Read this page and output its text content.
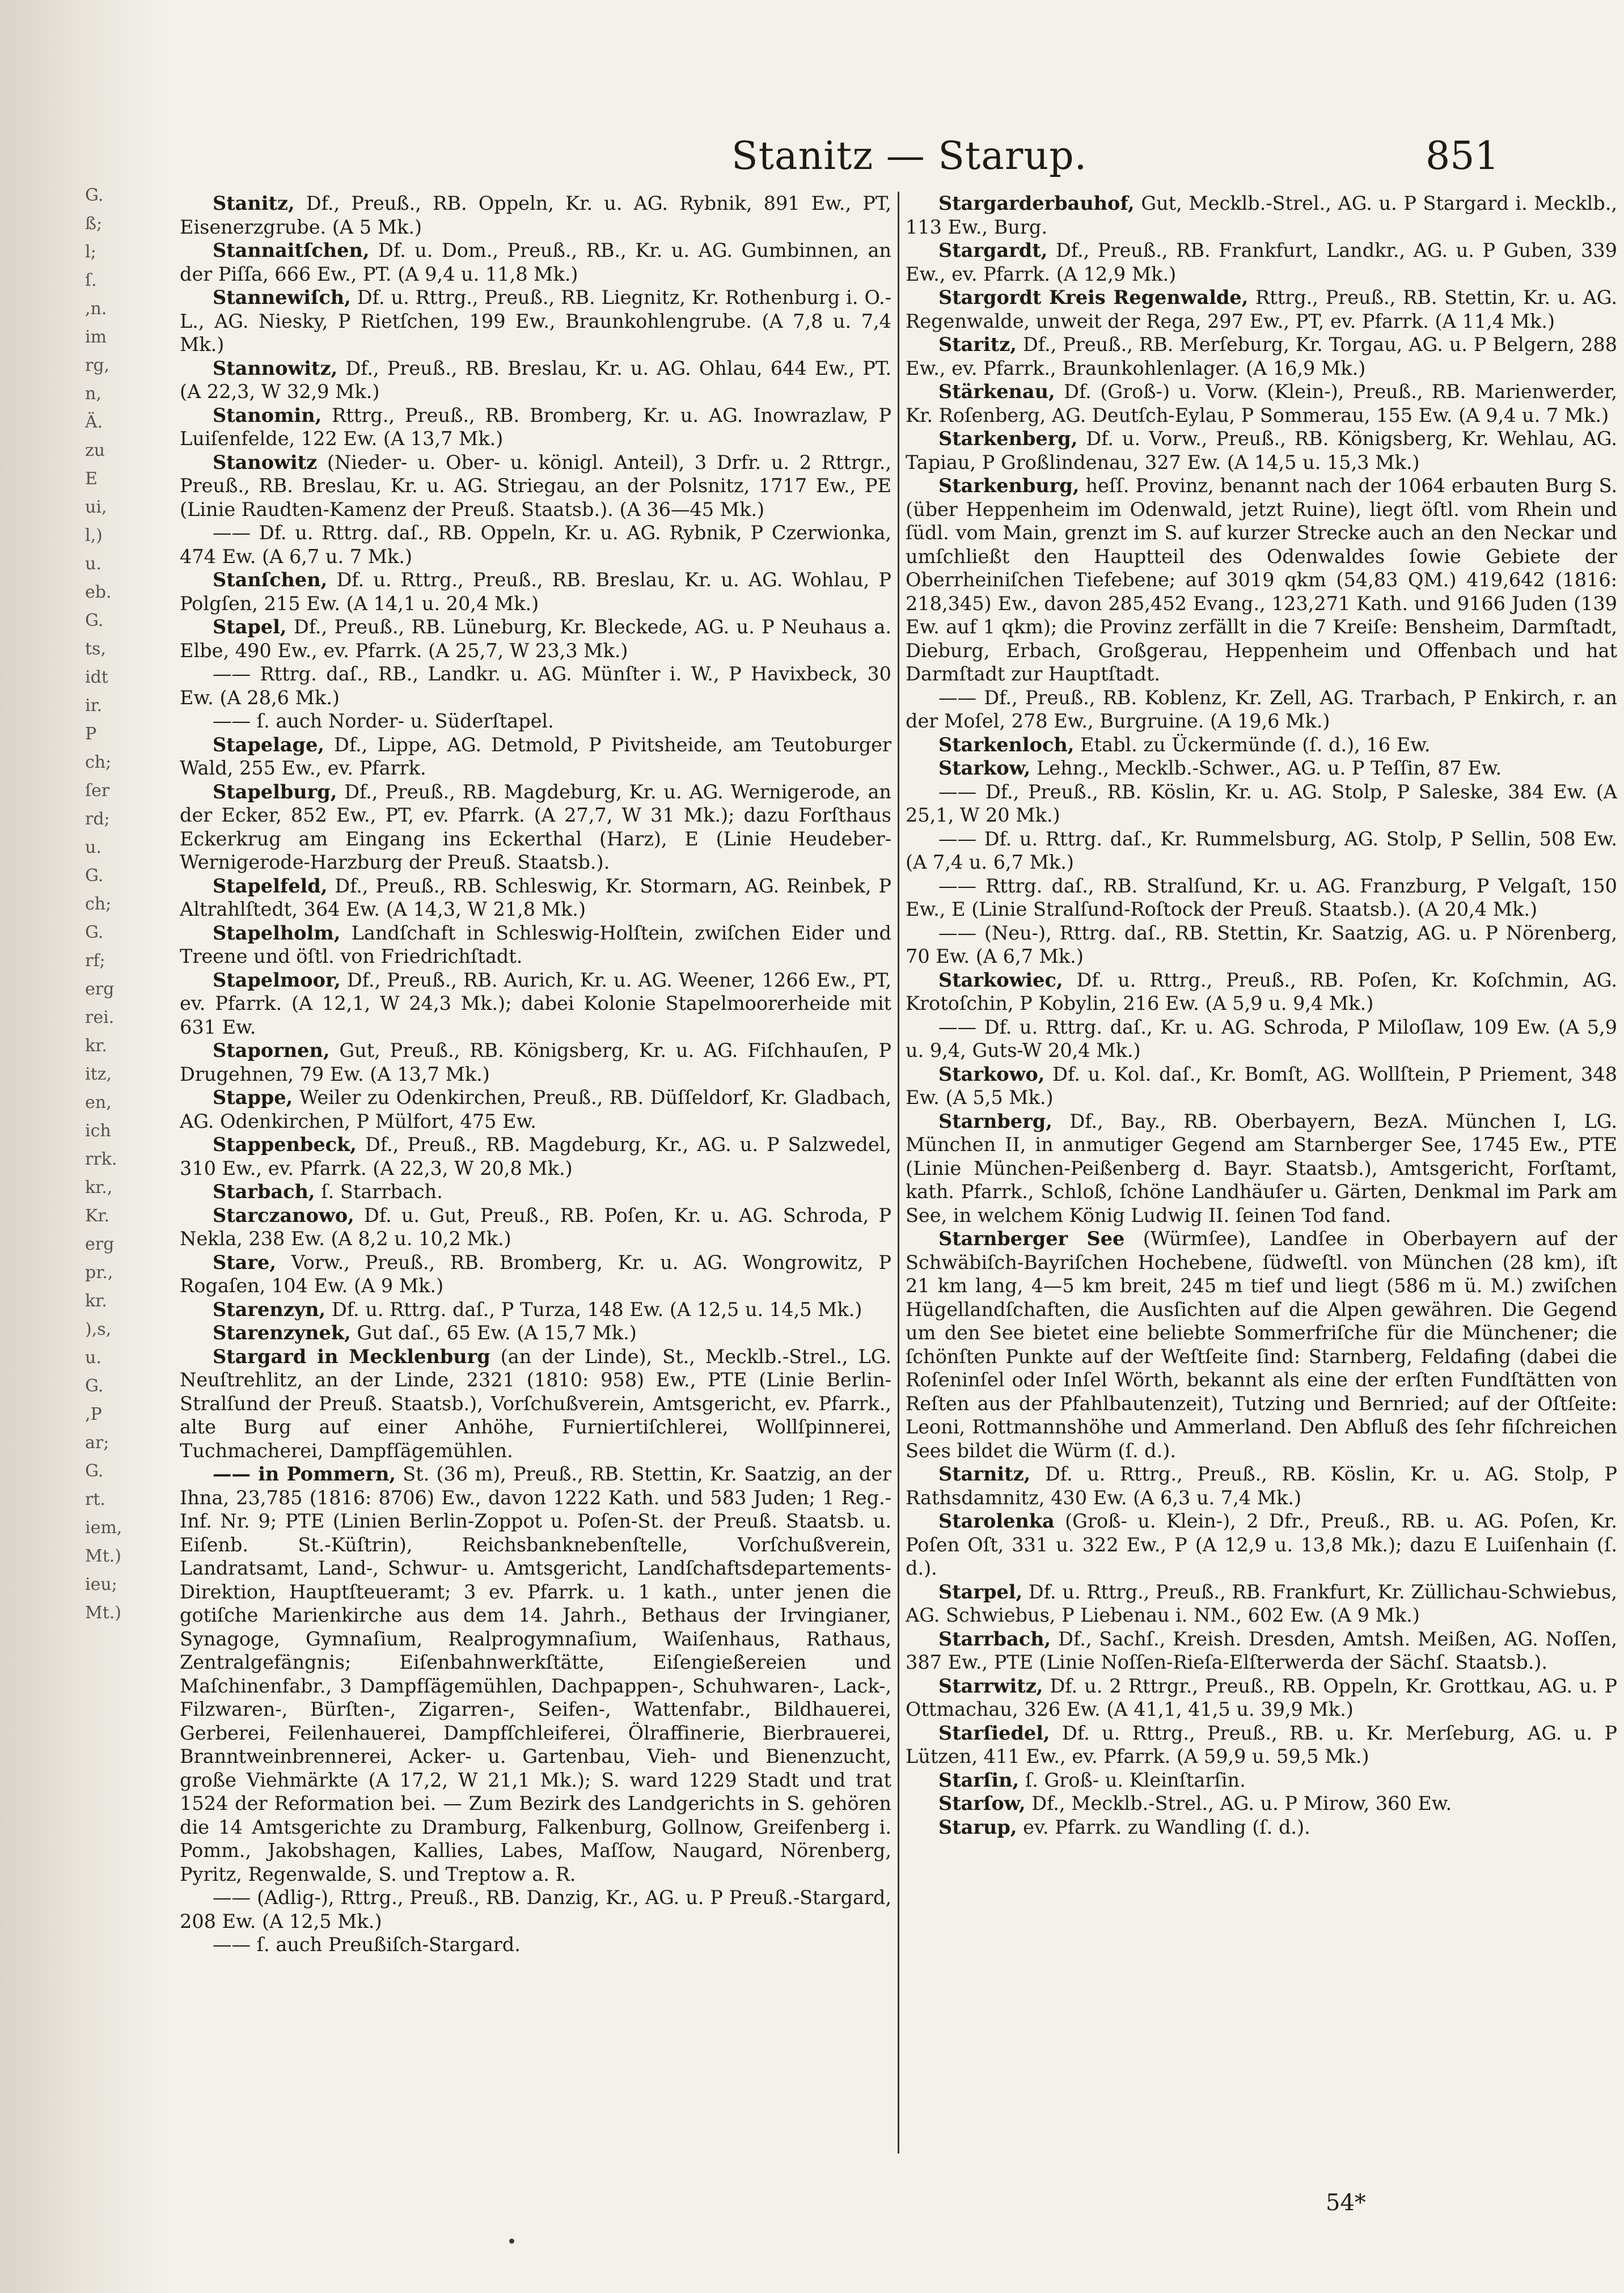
G.
ß;
l;
ſ.
,n.
im
rg,
n,
Ä.
zu
E
ui,
l,)
u.
eb.
G.
ts,
idt
ir.
P
ch;
ſer
rd;
u.
G.
ch;
G.
rf;
erg
rei.
kr.
itz,
en,
ich
rrk.
kr.,
Kr.
erg
pr.,
kr.
),s,
u.
G.
,P
ar;
G.
rt.
iem,
Mt.)
ieu;
Mt.)
Stanitz — Starup.	851

Stanitz, Df., Preuß., RB. Oppeln, Kr. u. AG. Rybnik, 891 Ew., PT, Eisenerzgrube. (A 5 Mk.)

Stannaitſchen, Df. u. Dom., Preuß., RB., Kr. u. AG. Gumbinnen, an der Piſſa, 666 Ew., PT. (A 9,4 u. 11,8 Mk.)

Stannewiſch, Df. u. Rttrg., Preuß., RB. Liegnitz, Kr. Rothenburg i. O.-L., AG. Niesky, P Rietſchen, 199 Ew., Braunkohlengrube. (A 7,8 u. 7,4 Mk.)

Stannowitz, Df., Preuß., RB. Breslau, Kr. u. AG. Ohlau, 644 Ew., PT. (A 22,3, W 32,9 Mk.)

Stanomin, Rttrg., Preuß., RB. Bromberg, Kr. u. AG. Inowrazlaw, P Luiſenfelde, 122 Ew. (A 13,7 Mk.)

Stanowitz (Nieder- u. Ober- u. königl. Anteil), 3 Drfr. u. 2 Rttrgr., Preuß., RB. Breslau, Kr. u. AG. Striegau, an der Polsnitz, 1717 Ew., PE (Linie Raudten-Kamenz der Preuß. Staatsb.). (A 36—45 Mk.)

—— Df. u. Rttrg. daſ., RB. Oppeln, Kr. u. AG. Rybnik, P Czerwionka, 474 Ew. (A 6,7 u. 7 Mk.)

Stanſchen, Df. u. Rttrg., Preuß., RB. Breslau, Kr. u. AG. Wohlau, P Polgſen, 215 Ew. (A 14,1 u. 20,4 Mk.)

Stapel, Df., Preuß., RB. Lüneburg, Kr. Bleckede, AG. u. P Neuhaus a. Elbe, 490 Ew., ev. Pfarrk. (A 25,7, W 23,3 Mk.)

—— Rttrg. daſ., RB., Landkr. u. AG. Münſter i. W., P Havixbeck, 30 Ew. (A 28,6 Mk.)

—— ſ. auch Norder- u. Süderſtapel.

Stapelage, Df., Lippe, AG. Detmold, P Pivitsheide, am Teutoburger Wald, 255 Ew., ev. Pfarrk.

Stapelburg, Df., Preuß., RB. Magdeburg, Kr. u. AG. Wernigerode, an der Ecker, 852 Ew., PT, ev. Pfarrk. (A 27,7, W 31 Mk.); dazu Forſthaus Eckerkrug am Eingang ins Eckerthal (Harz), E (Linie Heudeber-Wernigerode-Harzburg der Preuß. Staatsb.).

Stapelfeld, Df., Preuß., RB. Schleswig, Kr. Stormarn, AG. Reinbek, P Altrahlſtedt, 364 Ew. (A 14,3, W 21,8 Mk.)

Stapelholm, Landſchaft in Schleswig-Holſtein, zwiſchen Eider und Treene und öſtl. von Friedrichſtadt.

Stapelmoor, Df., Preuß., RB. Aurich, Kr. u. AG. Weener, 1266 Ew., PT, ev. Pfarrk. (A 12,1, W 24,3 Mk.); dabei Kolonie Stapelmoorerheide mit 631 Ew.

Stapornen, Gut, Preuß., RB. Königsberg, Kr. u. AG. Fiſchhauſen, P Drugehnen, 79 Ew. (A 13,7 Mk.)

Stappe, Weiler zu Odenkirchen, Preuß., RB. Düſſeldorf, Kr. Gladbach, AG. Odenkirchen, P Mülfort, 475 Ew.

Stappenbeck, Df., Preuß., RB. Magdeburg, Kr., AG. u. P Salzwedel, 310 Ew., ev. Pfarrk. (A 22,3, W 20,8 Mk.)

Starbach, ſ. Starrbach.

Starczanowo, Df. u. Gut, Preuß., RB. Poſen, Kr. u. AG. Schroda, P Nekla, 238 Ew. (A 8,2 u. 10,2 Mk.)

Stare, Vorw., Preuß., RB. Bromberg, Kr. u. AG. Wongrowitz, P Rogaſen, 104 Ew. (A 9 Mk.)

Starenzyn, Df. u. Rttrg. daſ., P Turza, 148 Ew. (A 12,5 u. 14,5 Mk.)

Starenzynek, Gut daſ., 65 Ew. (A 15,7 Mk.)

Stargard in Mecklenburg (an der Linde), St., Mecklb.-Strel., LG. Neuſtrehlitz, an der Linde, 2321 (1810: 958) Ew., PTE (Linie Berlin-Stralſund der Preuß. Staatsb.), Vorſchußverein, Amtsgericht, ev. Pfarrk., alte Burg auf einer Anhöhe, Furniertiſchlerei, Wollſpinnerei, Tuchmacherei, Dampfſägemühlen.

—— in Pommern, St. (36 m), Preuß., RB. Stettin, Kr. Saatzig, an der Ihna, 23,785 (1816: 8706) Ew., davon 1222 Kath. und 583 Juden; 1 Reg.-Inf. Nr. 9; PTE (Linien Berlin-Zoppot u. Poſen-St. der Preuß. Staatsb. u. Eiſenb. St.-Küſtrin), Reichsbanknebenſtelle, Vorſchußverein, Landratsamt, Land-, Schwur- u. Amtsgericht, Landſchaftsdepartements-Direktion, Hauptſteueramt; 3 ev. Pfarrk. u. 1 kath., unter jenen die gotiſche Marienkirche aus dem 14. Jahrh., Bethaus der Irvingianer, Synagoge, Gymnaſium, Realprogymnaſium, Waiſenhaus, Rathaus, Zentralgefängnis; Eiſenbahnwerkſtätte, Eiſengießereien und Maſchinenfabr., 3 Dampfſägemühlen, Dachpappen-, Schuhwaren-, Lack-, Filzwaren-, Bürſten-, Zigarren-, Seifen-, Wattenfabr., Bildhauerei, Gerberei, Feilenhauerei, Dampfſchleiferei, Ölraffinerie, Bierbrauerei, Branntweinbrennerei, Acker- u. Gartenbau, Vieh- und Bienenzucht, große Viehmärkte (A 17,2, W 21,1 Mk.); S. ward 1229 Stadt und trat 1524 der Reformation bei. — Zum Bezirk des Landgerichts in S. gehören die 14 Amtsgerichte zu Dramburg, Falkenburg, Gollnow, Greifenberg i. Pomm., Jakobshagen, Kallies, Labes, Maſſow, Naugard, Nörenberg, Pyritz, Regenwalde, S. und Treptow a. R.

—— (Adlig-), Rttrg., Preuß., RB. Danzig, Kr., AG. u. P Preuß.-Stargard, 208 Ew. (A 12,5 Mk.)

—— ſ. auch Preußiſch-Stargard.

Stargarderbauhof, Gut, Mecklb.-Strel., AG. u. P Stargard i. Mecklb., 113 Ew., Burg.

Stargardt, Df., Preuß., RB. Frankfurt, Landkr., AG. u. P Guben, 339 Ew., ev. Pfarrk. (A 12,9 Mk.)

Stargordt Kreis Regenwalde, Rttrg., Preuß., RB. Stettin, Kr. u. AG. Regenwalde, unweit der Rega, 297 Ew., PT, ev. Pfarrk. (A 11,4 Mk.)

Staritz, Df., Preuß., RB. Merſeburg, Kr. Torgau, AG. u. P Belgern, 288 Ew., ev. Pfarrk., Braunkohlenlager. (A 16,9 Mk.)

Stärkenau, Df. (Groß-) u. Vorw. (Klein-), Preuß., RB. Marienwerder, Kr. Roſenberg, AG. Deutſch-Eylau, P Sommerau, 155 Ew. (A 9,4 u. 7 Mk.)

Starkenberg, Df. u. Vorw., Preuß., RB. Königsberg, Kr. Wehlau, AG. Tapiau, P Großlindenau, 327 Ew. (A 14,5 u. 15,3 Mk.)

Starkenburg, heſſ. Provinz, benannt nach der 1064 erbauten Burg S. (über Heppenheim im Odenwald, jetzt Ruine), liegt öſtl. vom Rhein und ſüdl. vom Main, grenzt im S. auf kurzer Strecke auch an den Neckar und umſchließt den Hauptteil des Odenwaldes ſowie Gebiete der Oberrheiniſchen Tiefebene; auf 3019 qkm (54,83 QM.) 419,642 (1816: 218,345) Ew., davon 285,452 Evang., 123,271 Kath. und 9166 Juden (139 Ew. auf 1 qkm); die Provinz zerfällt in die 7 Kreiſe: Bensheim, Darmſtadt, Dieburg, Erbach, Großgerau, Heppenheim und Offenbach und hat Darmſtadt zur Hauptſtadt.

—— Df., Preuß., RB. Koblenz, Kr. Zell, AG. Trarbach, P Enkirch, r. an der Moſel, 278 Ew., Burgruine. (A 19,6 Mk.)

Starkenloch, Etabl. zu Ückermünde (ſ. d.), 16 Ew.

Starkow, Lehng., Mecklb.-Schwer., AG. u. P Teſſin, 87 Ew.

—— Df., Preuß., RB. Köslin, Kr. u. AG. Stolp, P Saleske, 384 Ew. (A 25,1, W 20 Mk.)

—— Df. u. Rttrg. daſ., Kr. Rummelsburg, AG. Stolp, P Sellin, 508 Ew. (A 7,4 u. 6,7 Mk.)

—— Rttrg. daſ., RB. Stralſund, Kr. u. AG. Franzburg, P Velgaſt, 150 Ew., E (Linie Stralſund-Roſtock der Preuß. Staatsb.). (A 20,4 Mk.)

—— (Neu-), Rttrg. daſ., RB. Stettin, Kr. Saatzig, AG. u. P Nörenberg, 70 Ew. (A 6,7 Mk.)

Starkowiec, Df. u. Rttrg., Preuß., RB. Poſen, Kr. Koſchmin, AG. Krotoſchin, P Kobylin, 216 Ew. (A 5,9 u. 9,4 Mk.)

—— Df. u. Rttrg. daſ., Kr. u. AG. Schroda, P Miloſlaw, 109 Ew. (A 5,9 u. 9,4, Guts-W 20,4 Mk.)

Starkowo, Df. u. Kol. daſ., Kr. Bomſt, AG. Wollſtein, P Priement, 348 Ew. (A 5,5 Mk.)

Starnberg, Df., Bay., RB. Oberbayern, BezA. München I, LG. München II, in anmutiger Gegend am Starnberger See, 1745 Ew., PTE (Linie München-Peißenberg d. Bayr. Staatsb.), Amtsgericht, Forſtamt, kath. Pfarrk., Schloß, ſchöne Landhäuſer u. Gärten, Denkmal im Park am See, in welchem König Ludwig II. ſeinen Tod fand.

Starnberger See (Würmſee), Landſee in Oberbayern auf der Schwäbiſch-Bayriſchen Hochebene, ſüdweſtl. von München (28 km), iſt 21 km lang, 4—5 km breit, 245 m tief und liegt (586 m ü. M.) zwiſchen Hügellandſchaften, die Ausſichten auf die Alpen gewähren. Die Gegend um den See bietet eine beliebte Sommerfriſche für die Münchener; die ſchönſten Punkte auf der Weſtſeite ſind: Starnberg, Feldafing (dabei die Roſeninſel oder Inſel Wörth, bekannt als eine der erſten Fundſtätten von Reſten aus der Pfahlbautenzeit), Tutzing und Bernried; auf der Oſtſeite: Leoni, Rottmannshöhe und Ammerland. Den Abfluß des ſehr fiſchreichen Sees bildet die Würm (ſ. d.).

Starnitz, Df. u. Rttrg., Preuß., RB. Köslin, Kr. u. AG. Stolp, P Rathsdamnitz, 430 Ew. (A 6,3 u. 7,4 Mk.)

Starolenka (Groß- u. Klein-), 2 Dfr., Preuß., RB. u. AG. Poſen, Kr. Poſen Oſt, 331 u. 322 Ew., P (A 12,9 u. 13,8 Mk.); dazu E Luiſenhain (ſ. d.).

Starpel, Df. u. Rttrg., Preuß., RB. Frankfurt, Kr. Züllichau-Schwiebus, AG. Schwiebus, P Liebenau i. NM., 602 Ew. (A 9 Mk.)

Starrbach, Df., Sachſ., Kreish. Dresden, Amtsh. Meißen, AG. Noſſen, 387 Ew., PTE (Linie Noſſen-Rieſa-Elſterwerda der Sächſ. Staatsb.).

Starrwitz, Df. u. 2 Rttrgr., Preuß., RB. Oppeln, Kr. Grottkau, AG. u. P Ottmachau, 326 Ew. (A 41,1, 41,5 u. 39,9 Mk.)

Starſiedel, Df. u. Rttrg., Preuß., RB. u. Kr. Merſeburg, AG. u. P Lützen, 411 Ew., ev. Pfarrk. (A 59,9 u. 59,5 Mk.)

Starſin, ſ. Groß- u. Kleinſtarſin.

Starſow, Df., Mecklb.-Strel., AG. u. P Mirow, 360 Ew.

Starup, ev. Pfarrk. zu Wandling (ſ. d.).

54*
